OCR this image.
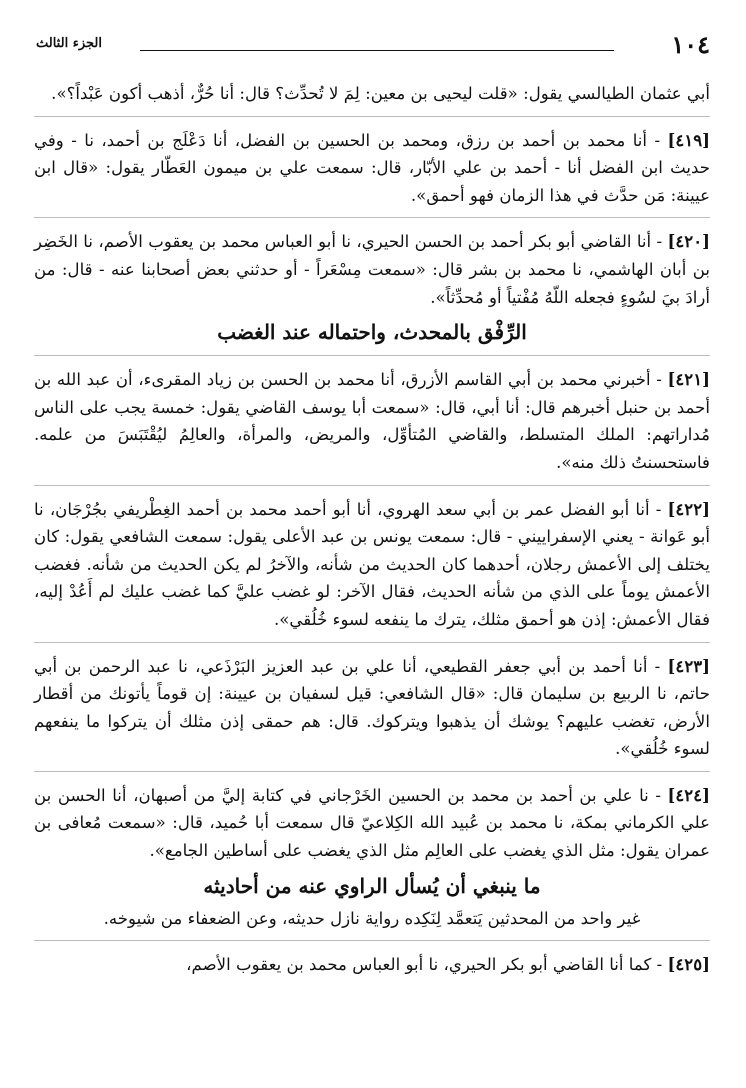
١٠٤
الجزء الثالث

أبي عثمان الطيالسي يقول: «قلت ليحيى بن معين: لِمَ لا تُحدِّث؟ قال: أنا حُرٌّ، أذهب أكون عَبْداً؟».

[٤١٩] - أنا محمد بن أحمد بن رزق، ومحمد بن الحسين بن الفضل، أنا دَعْلَج بن أحمد، نا - وفي حديث ابن الفضل أنا - أحمد بن علي الأبّار، قال: سمعت علي بن ميمون العَطّار يقول: «قال ابن عيينة: مَن حدَّث في هذا الزمان فهو أحمق».

[٤٢٠] - أنا القاضي أبو بكر أحمد بن الحسن الحيري، نا أبو العباس محمد بن يعقوب الأصم، نا الخَضِر بن أبان الهاشمي، نا محمد بن بشر قال: «سمعت مِسْعَراً - أو حدثني بعض أصحابنا عنه - قال: من أرادَ بيَ لسُوءٍ فجعله اللّهُ مُفْتياً أو مُحدِّثاً».

الرِّفْق بالمحدث، واحتماله عند الغضب

[٤٢١] - أخبرني محمد بن أبي القاسم الأزرق، أنا محمد بن الحسن بن زياد المقرىء، أن عبد الله بن أحمد بن حنبل أخبرهم قال: أنا أبي، قال: «سمعت أبا يوسف القاضي يقول: خمسة يجب على الناس مُداراتهم: الملك المتسلط، والقاضي المُتأوِّل، والمريض، والمرأة، والعالِمُ ليُقْتَبَسَ من علمه. فاستحسنتُ ذلك منه».

[٤٢٢] - أنا أبو الفضل عمر بن أبي سعد الهروي، أنا أبو أحمد محمد بن أحمد الغِطْريفي بجُرْجَان، نا أبو عَوانة - يعني الإسفراييني - قال: سمعت يونس بن عبد الأعلى يقول: سمعت الشافعي يقول: كان يختلف إلى الأعمش رجلان، أحدهما كان الحديث من شأنه، والآخرُ لم يكن الحديث من شأنه. فغضب الأعمش يوماً على الذي من شأنه الحديث، فقال الآخر: لو غضب عليَّ كما غضب عليك لم أَعُدْ إليه، فقال الأعمش: إذن هو أحمق مثلك، يترك ما ينفعه لسوء خُلُقي».

[٤٢٣] - أنا أحمد بن أبي جعفر القطيعي، أنا علي بن عبد العزيز البَرْذَعي، نا عبد الرحمن بن أبي حاتم، نا الربيع بن سليمان قال: «قال الشافعي: قيل لسفيان بن عيينة: إن قوماً يأتونك من أقطار الأرض، تغضب عليهم؟ يوشك أن يذهبوا ويتركوك. قال: هم حمقى إذن مثلك أن يتركوا ما ينفعهم لسوء خُلُقي».

[٤٢٤] - نا علي بن أحمد بن محمد بن الحسين الخَرْجاني في كتابة إليَّ من أصبهان، أنا الحسن بن علي الكرماني بمكة، نا محمد بن عُبيد الله الكِلاعيّ قال سمعت أبا حُميد، قال: «سمعت مُعافى بن عمران يقول: مثل الذي يغضب على العالِم مثل الذي يغضب على أساطين الجامع».

ما ينبغي أن يُسأل الراوي عنه من أحاديثه

غير واحد من المحدثين يَتعمَّد لِنَكِده رواية نازل حديثه، وعن الضعفاء من شيوخه.

[٤٢٥] - كما أنا القاضي أبو بكر الحيري، نا أبو العباس محمد بن يعقوب الأصم،
